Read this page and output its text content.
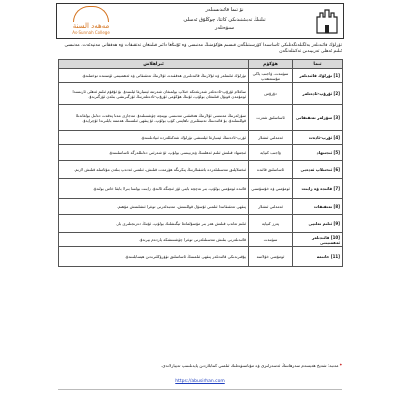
مەھەد السنة
As-Sunnah College
نۆ تىما قائىدىسىلەر
تىلنىڭ تەبىئىتىدىكى كاتتا، چوڭلۇق ئەسلى
سىۋەنلەر
تۈرلۈك قائىدىلەر بەلگىلەنگەنلىكى ئاساسىدا كۆرسىتىلگەن قىسىم ھۆكۈمنىڭ مەنىسى ۋە ئۇنىڭغا دائىر قىلىنغان تەتقىقات ۋە ھەققانى مەنپەئەت. مەنىسى ئىلىم ئەھلى تەرىپىدىن تەكىتلەنگەن
تىما	ھۆكۈم	ئىزاھلاش
[1] تۈرلۈك قائىدىلەر	سۈننەت، ۋاجىب ياكى مۇستەھەپ	تۈرلۈك ئىلىملەر ۋە ئۇلارنىڭ قائىدىلىرى ھەققىدە، ئۇلارنىڭ تەتقىقاتى ۋە ئەھمىيىتى ئۈستىدە توختىلىدۇ.
[2] ئۇرۇپ-ئادەتلەر	دۇرۇس	ساغلام ئۇرۇپ-ئادەتلەر شەرىئەتكە خىلاپ بولمىغان شەرتتە ئېتىبارغا ئېلىنىدۇ. بۇ ئۇقۇم ئىلىم ئەھلى ئارىسىدا ئومۇمەن قوبۇل قىلىنغان بولۇپ، ئۇنىڭ ھۆكۈمى ئۇرۇپ-ئادەتلەرنىڭ ئۆزگىرىشى بىلەن ئۆزگىرىدۇ.
[3] سۆزلەر تەتقىقاتى	ئاساسلىق شەرت	سۆزلەرنىڭ مەنىسى ئۇلارنىڭ ھەقىقىي مەنىسى بويىچە چۈشىنىلىدۇ. مەجازى مەنا پەقەت دەلىل بولغاندىلا قوللىنىلىدۇ. بۇ قائىدىنىڭ تەتبىقلىرى ناھايىتى كۆپ بولۇپ، ئۇ پىقھى ئىلمىنىڭ ھەممە بابلىرىدا ئۇچرايدۇ.
[4] ئۆرپ-ئادەت	ئەمەلىي ئىشلار	ئۆرپ-ئادەتنىڭ ئېتىبارغا ئېلىنىشى تۈرلۈك شەكىللەردە ئىپادىلىنىدۇ.
[5] ئىجتىھاد	ۋاجىب كىپايە	ئىجتىھاد قىلىش ئىلىم ئەھلىنىڭ ۋەزىپىسى بولۇپ، ئۇ شەرئىي دەلىللەرگە ئاساسلىنىدۇ.
[6] ئىختىلاپ ئەدەبى	ئاساسلىق قائىدە	ئىختىلاپلىق مەسىلىلەردە باشقىلارنىڭ پىكرىگە ھۆرمەت قىلىش، ئىلمىي ئەدەپ بىلەن مۇئامىلە قىلىش لازىم.
[7] قائىدە ۋە زابىت	ئومۇمىي ۋە خۇسۇسىي	قائىدە ئومۇمىي بولۇپ، بىر نەچچە بابنى ئۆز ئىچىگە ئالىدۇ. زابىت بولسا بىرلا بابقا خاس بولىدۇ.
[8] تەتقىقات	ئەمەلىي ئىشلار	پىقھى تەتقىقاتىدا ئىلمىي ئۇسۇل قوللىنىش، مەنبەلەرنى توغرا ئىشلىتىش مۇھىم.
[9] ئىلىم تەلىپى	پەرز كىپايە	ئىلىم تەلەپ قىلىش ھەر بىر مۇسۇلمانغا تېگىشلىك بولۇپ، ئۇنىڭ دەرىجىلىرى بار.
[10] قائىدىلەر ئەھمىيىتى	سۈننەت	قائىدىلەرنى بىلىش مەسىلىلەرنى توغرا چۈشىنىشكە ياردەم بېرىدۇ.
[11] خاتىمە	ئومۇمىي خۇلاسە	يۇقىرىدىكى قائىدىلەر پىقھى ئىلمىنىڭ ئاساسلىق تۈۋرۈكلىرىدىن ھېسابلىنىدۇ.
* مەنبە: شەيخ ھەيسەم سەرھاننىڭ ئەسەرلىرى ۋە مۇناسىۋەتلىك ئىلمىي كىتابلاردىن پايدىلىنىپ تەييارلاندى.
https://abusirhan.com
